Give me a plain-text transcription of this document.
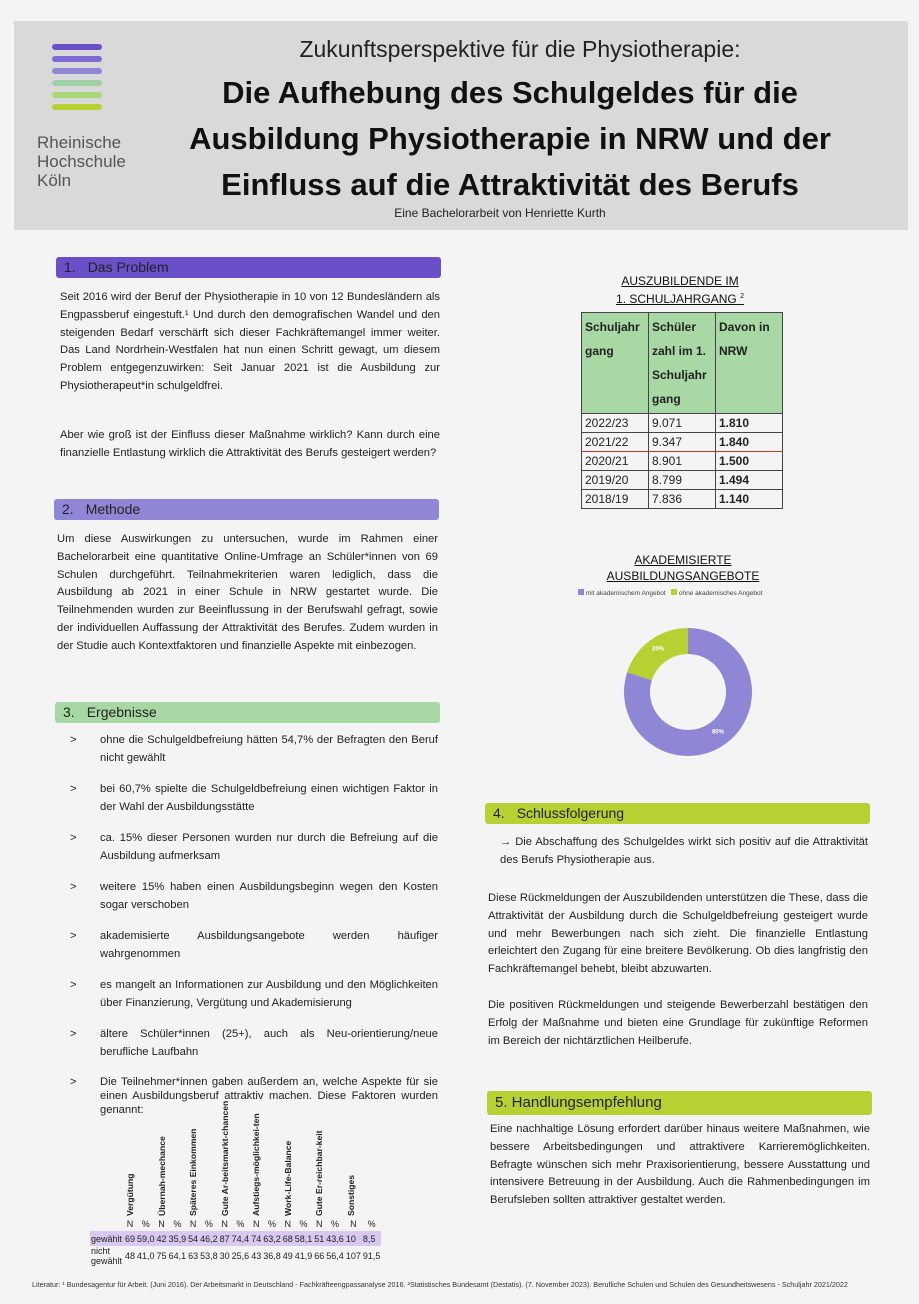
Rheinische
Hochschule
Köln
Zukunftsperspektive für die Physiotherapie:
Die Aufhebung des Schulgeldes für die Ausbildung Physiotherapie in NRW und der Einfluss auf die Attraktivität des Berufs
Eine Bachelorarbeit von Henriette Kurth
1. Das Problem
Seit 2016 wird der Beruf der Physiotherapie in 10 von 12 Bundesländern als Engpassberuf eingestuft.¹ Und durch den demografischen Wandel und den steigenden Bedarf verschärft sich dieser Fachkräftemangel immer weiter. Das Land Nordrhein-Westfalen hat nun einen Schritt gewagt, um diesem Problem entgegenzuwirken: Seit Januar 2021 ist die Ausbildung zur Physiotherapeut*in schulgeldfrei.
Aber wie groß ist der Einfluss dieser Maßnahme wirklich? Kann durch eine finanzielle Entlastung wirklich die Attraktivität des Berufs gesteigert werden?
2. Methode
Um diese Auswirkungen zu untersuchen, wurde im Rahmen einer Bachelorarbeit eine quantitative Online-Umfrage an Schüler*innen von 69 Schulen durchgeführt. Teilnahmekriterien waren lediglich, dass die Ausbildung ab 2021 in einer Schule in NRW gestartet wurde. Die Teilnehmenden wurden zur Beeinflussung in der Berufswahl gefragt, sowie der individuellen Auffassung der Attraktivität des Berufes. Zudem wurden in der Studie auch Kontextfaktoren und finanzielle Aspekte mit einbezogen.
3. Ergebnisse
> ohne die Schulgeldbefreiung hätten 54,7% der Befragten den Beruf nicht gewählt
> bei 60,7% spielte die Schulgeldbefreiung einen wichtigen Faktor in der Wahl der Ausbildungsstätte
> ca. 15% dieser Personen wurden nur durch die Befreiung auf die Ausbildung aufmerksam
> weitere 15% haben einen Ausbildungsbeginn wegen den Kosten sogar verschoben
> akademisierte Ausbildungsangebote werden häufiger wahrgenommen
> es mangelt an Informationen zur Ausbildung und den Möglichkeiten über Finanzierung, Vergütung und Akademisierung
> ältere Schüler*innen (25+), auch als Neu-orientierung/neue berufliche Laufbahn
> Die Teilnehmer*innen gaben außerdem an, welche Aspekte für sie einen Ausbildungsberuf attraktiv machen. Diese Faktoren wurden genannt:

	Vergütung		Übernah-mechance		Späteres Einkommen		Gute Ar-beitsmarkt-chancen		Aufstiegs-möglichkei-ten		Work-Life-Balance		Gute Er-reichbar-keit		Sonstiges	

	N	%	N	%	N	%	N	%	N	%	N	%	N	%	N	%
gewählt	69	59,0	42	35,9	54	46,2	87	74,4	74	63,2	68	58,1	51	43,6	10	8,5
nicht gewählt	48	41,0	75	64,1	63	53,8	30	25,6	43	36,8	49	41,9	66	56,4	107	91,5
AUSZUBILDENDE IM
1. SCHULJAHRGANG $^2$
Schuljahr gang	Schüler zahl im 1. Schuljahr gang	Davon in NRW
2022/23	9.071	1.810
2021/22	9.347	1.840
2020/21	8.901	1.500
2019/20	8.799	1.494
2018/19	7.836	1.140
AKADEMISIERTE
AUSBILDUNGSANGEBOTE
mit akademischem Angebot ohne akademisches Angebot
80%
20%
4. Schlussfolgerung
→ Die Abschaffung des Schulgeldes wirkt sich positiv auf die Attraktivität des Berufs Physiotherapie aus.
Diese Rückmeldungen der Auszubildenden unterstützen die These, dass die Attraktivität der Ausbildung durch die Schulgeldbefreiung gesteigert wurde und mehr Bewerbungen nach sich zieht. Die finanzielle Entlastung erleichtert den Zugang für eine breitere Bevölkerung. Ob dies langfristig den Fachkräftemangel behebt, bleibt abzuwarten.
Die positiven Rückmeldungen und steigende Bewerberzahl bestätigen den Erfolg der Maßnahme und bieten eine Grundlage für zukünftige Reformen im Bereich der nichtärztlichen Heilberufe.
5. Handlungsempfehlung
Eine nachhaltige Lösung erfordert darüber hinaus weitere Maßnahmen, wie bessere Arbeitsbedingungen und attraktivere Karrieremöglichkeiten. Befragte wünschen sich mehr Praxisorientierung, bessere Ausstattung und intensivere Betreuung in der Ausbildung. Auch die Rahmenbedingungen im Berufsleben sollten attraktiver gestaltet werden.
Literatur: ¹ Bundesagentur für Arbeit. (Juni 2016). Der Arbeitsmarkt in Deutschland - Fachkräfteengpassanalyse 2016. ²Statistisches Bundesamt (Destatis). (7. November 2023). Berufliche Schulen und Schulen des Gesundheitswesens - Schuljahr 2021/2022
